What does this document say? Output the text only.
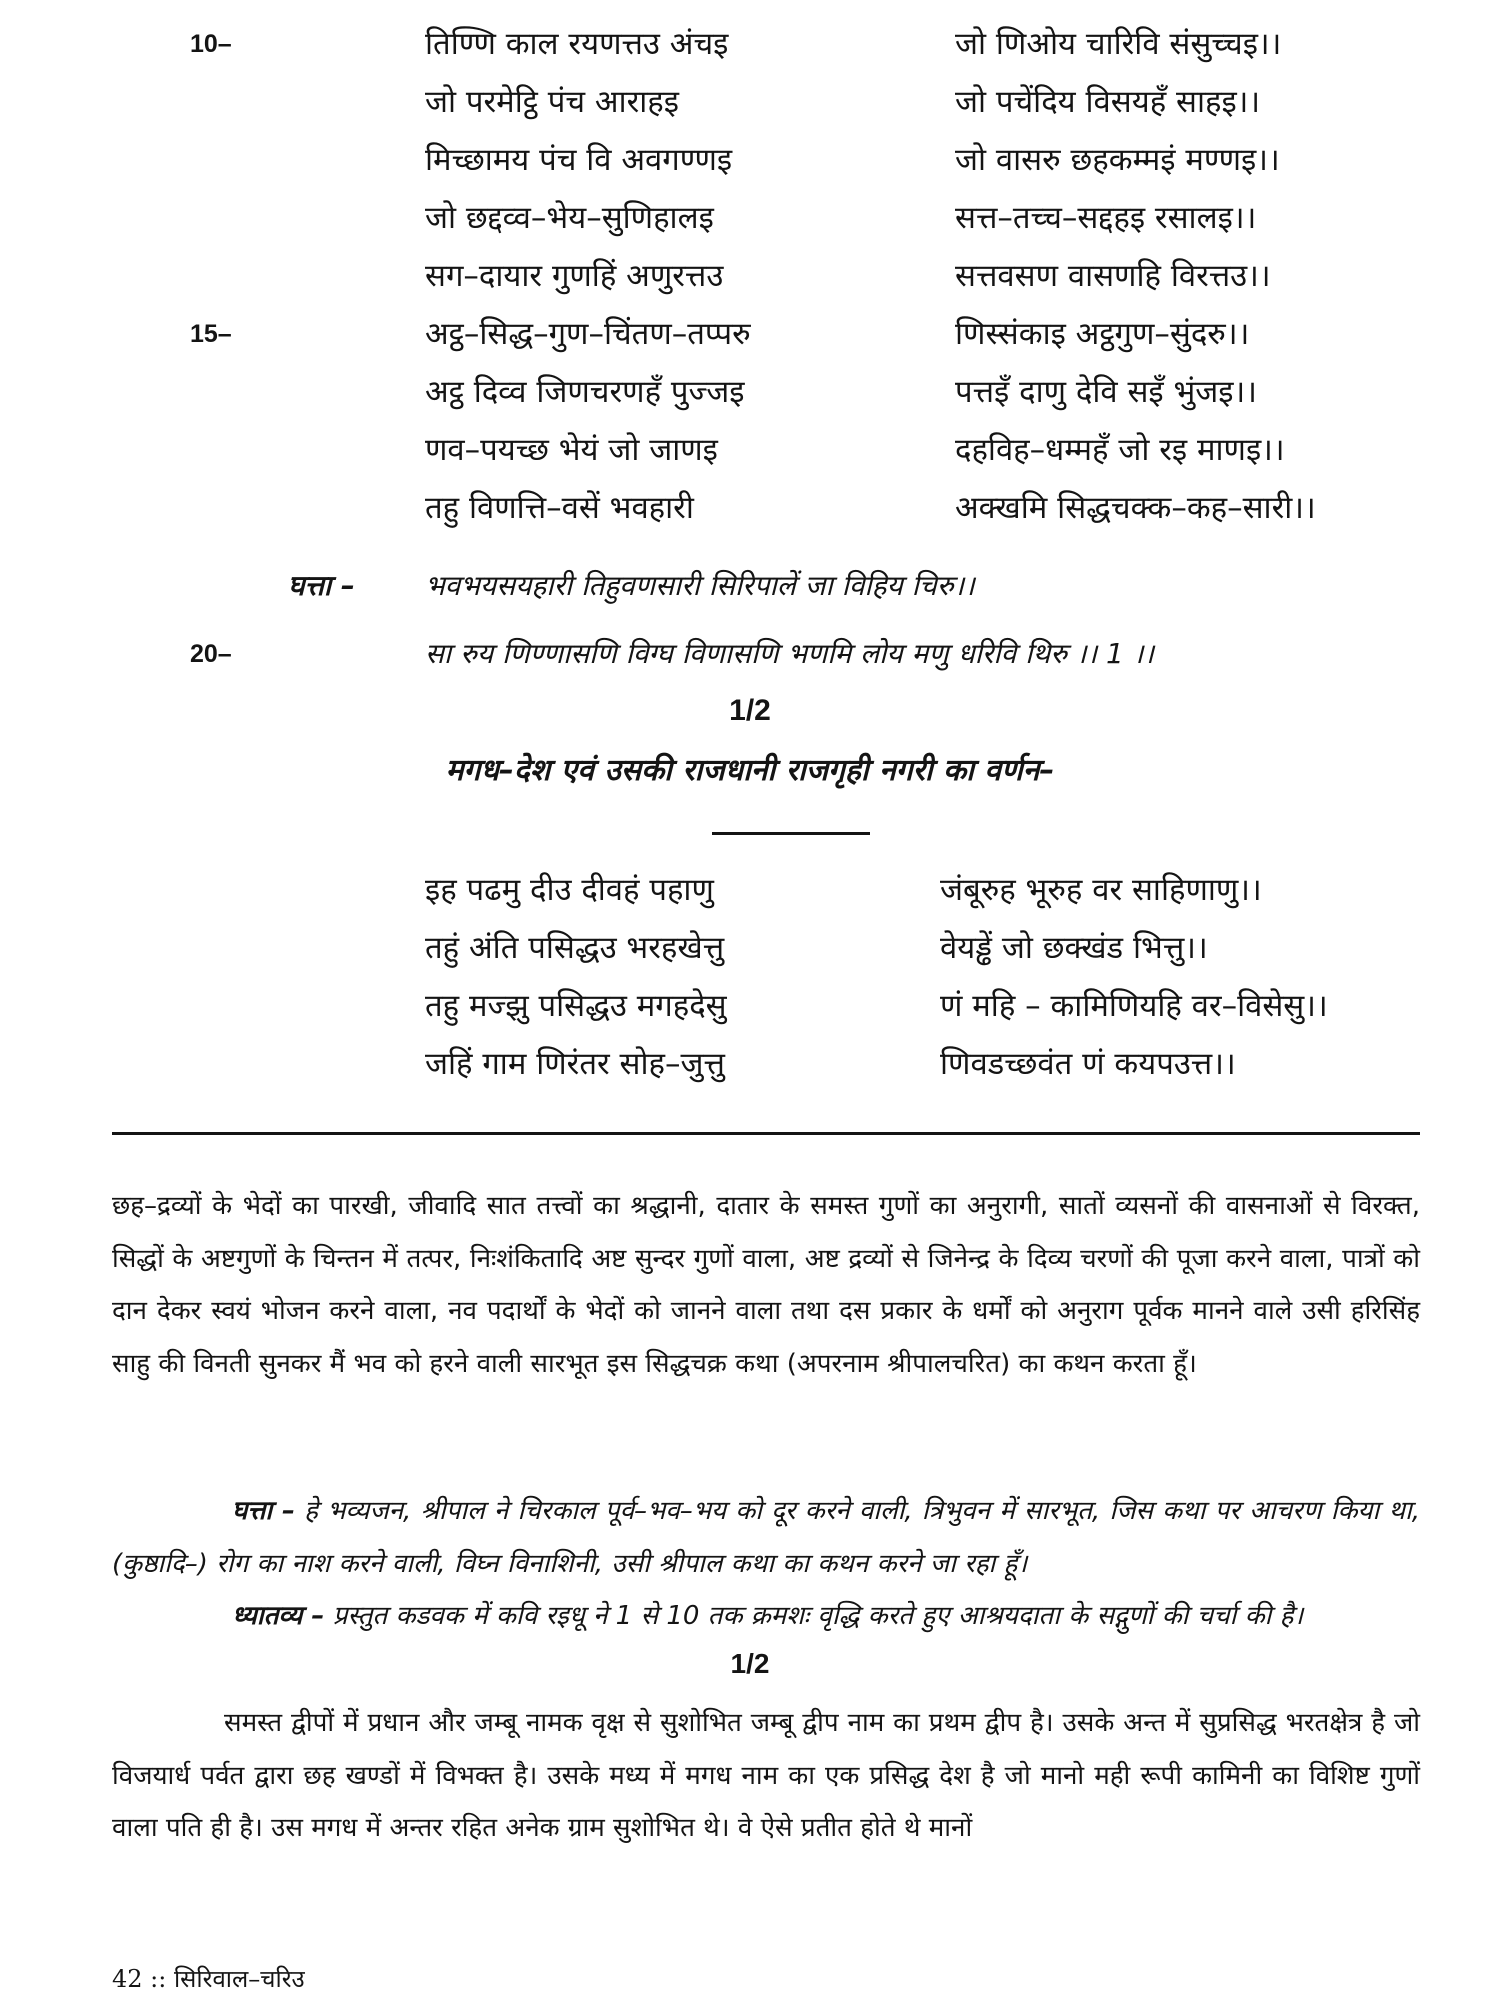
10–	तिण्णि काल रयणत्तउ अंचइ	जो णिओय चारिवि संसुच्चइ।।
जो परमेट्ठि पंच आराहइ	जो पचेंदिय विसयहँ साहइ।।
मिच्छामय पंच वि अवगण्णइ	जो वासरु छहकम्मइं मण्णइ।।
जो छद्दव्व–भेय–सुणिहालइ	सत्त–तच्च–सद्दहइ रसालइ।।
सग–दायार गुणहिं अणुरत्तउ	सत्तवसण वासणहि विरत्तउ।।
15–	अट्ठ–सिद्ध–गुण–चिंतण–तप्परु	णिस्संकाइ अट्ठगुण–सुंदरु।।
अट्ठ दिव्व जिणचरणहँ पुज्जइ	पत्तइँ दाणु देवि सइँ भुंजइ।।
णव–पयच्छ भेयं जो जाणइ	दहविह–धम्महँ जो रइ माणइ।।
तहु विणत्ति–वसें भवहारी	अक्खमि सिद्धचक्क–कह–सारी।।
घत्ता –	भवभयसयहारी तिहुवणसारी सिरिपालें जा विहिय चिरु।।
20–	सा रुय णिण्णासणि विग्घ विणासणि भणमि लोय मणु धरिवि थिरु ।। 1 ।।
1/2
मगध–देश एवं उसकी राजधानी राजगृही नगरी का वर्णन–
इह पढमु दीउ दीवहं पहाणु	जंबूरुह भूरुह वर साहिणाणु।।
तहुं अंति पसिद्धउ भरहखेत्तु	वेयड्ढें जो छक्खंड भित्तु।।
तहु मज्झु पसिद्धउ मगहदेसु	णं महि – कामिणियहि वर–विसेसु।।
जहिं गाम णिरंतर सोह–जुत्तु	णिवडच्छवंत णं कयपउत्त।।
छह–द्रव्यों के भेदों का पारखी, जीवादि सात तत्त्वों का श्रद्धानी, दातार के समस्त गुणों का अनुरागी, सातों व्यसनों की वासनाओं से विरक्त, सिद्धों के अष्टगुणों के चिन्तन में तत्पर, निःशंकितादि अष्ट सुन्दर गुणों वाला, अष्ट द्रव्यों से जिनेन्द्र के दिव्य चरणों की पूजा करने वाला, पात्रों को दान देकर स्वयं भोजन करने वाला, नव पदार्थों के भेदों को जानने वाला तथा दस प्रकार के धर्मों को अनुराग पूर्वक मानने वाले उसी हरिसिंह साहु की विनती सुनकर मैं भव को हरने वाली सारभूत इस सिद्धचक्र कथा (अपरनाम श्रीपालचरित) का कथन करता हूँ।
घत्ता – हे भव्यजन, श्रीपाल ने चिरकाल पूर्व–भव–भय को दूर करने वाली, त्रिभुवन में सारभूत, जिस कथा पर आचरण किया था, (कुष्ठादि–) रोग का नाश करने वाली, विघ्न विनाशिनी, उसी श्रीपाल कथा का कथन करने जा रहा हूँ।
ध्यातव्य – प्रस्तुत कडवक में कवि रइधू ने 1 से 10 तक क्रमशः वृद्धि करते हुए आश्रयदाता के सद्गुणों की चर्चा की है।
1/2
समस्त द्वीपों में प्रधान और जम्बू नामक वृक्ष से सुशोभित जम्बू द्वीप नाम का प्रथम द्वीप है। उसके अन्त में सुप्रसिद्ध भरतक्षेत्र है जो विजयार्ध पर्वत द्वारा छह खण्डों में विभक्त है। उसके मध्य में मगध नाम का एक प्रसिद्ध देश है जो मानो मही रूपी कामिनी का विशिष्ट गुणों वाला पति ही है। उस मगध में अन्तर रहित अनेक ग्राम सुशोभित थे। वे ऐसे प्रतीत होते थे मानों
42 :: सिरिवाल–चरिउ
